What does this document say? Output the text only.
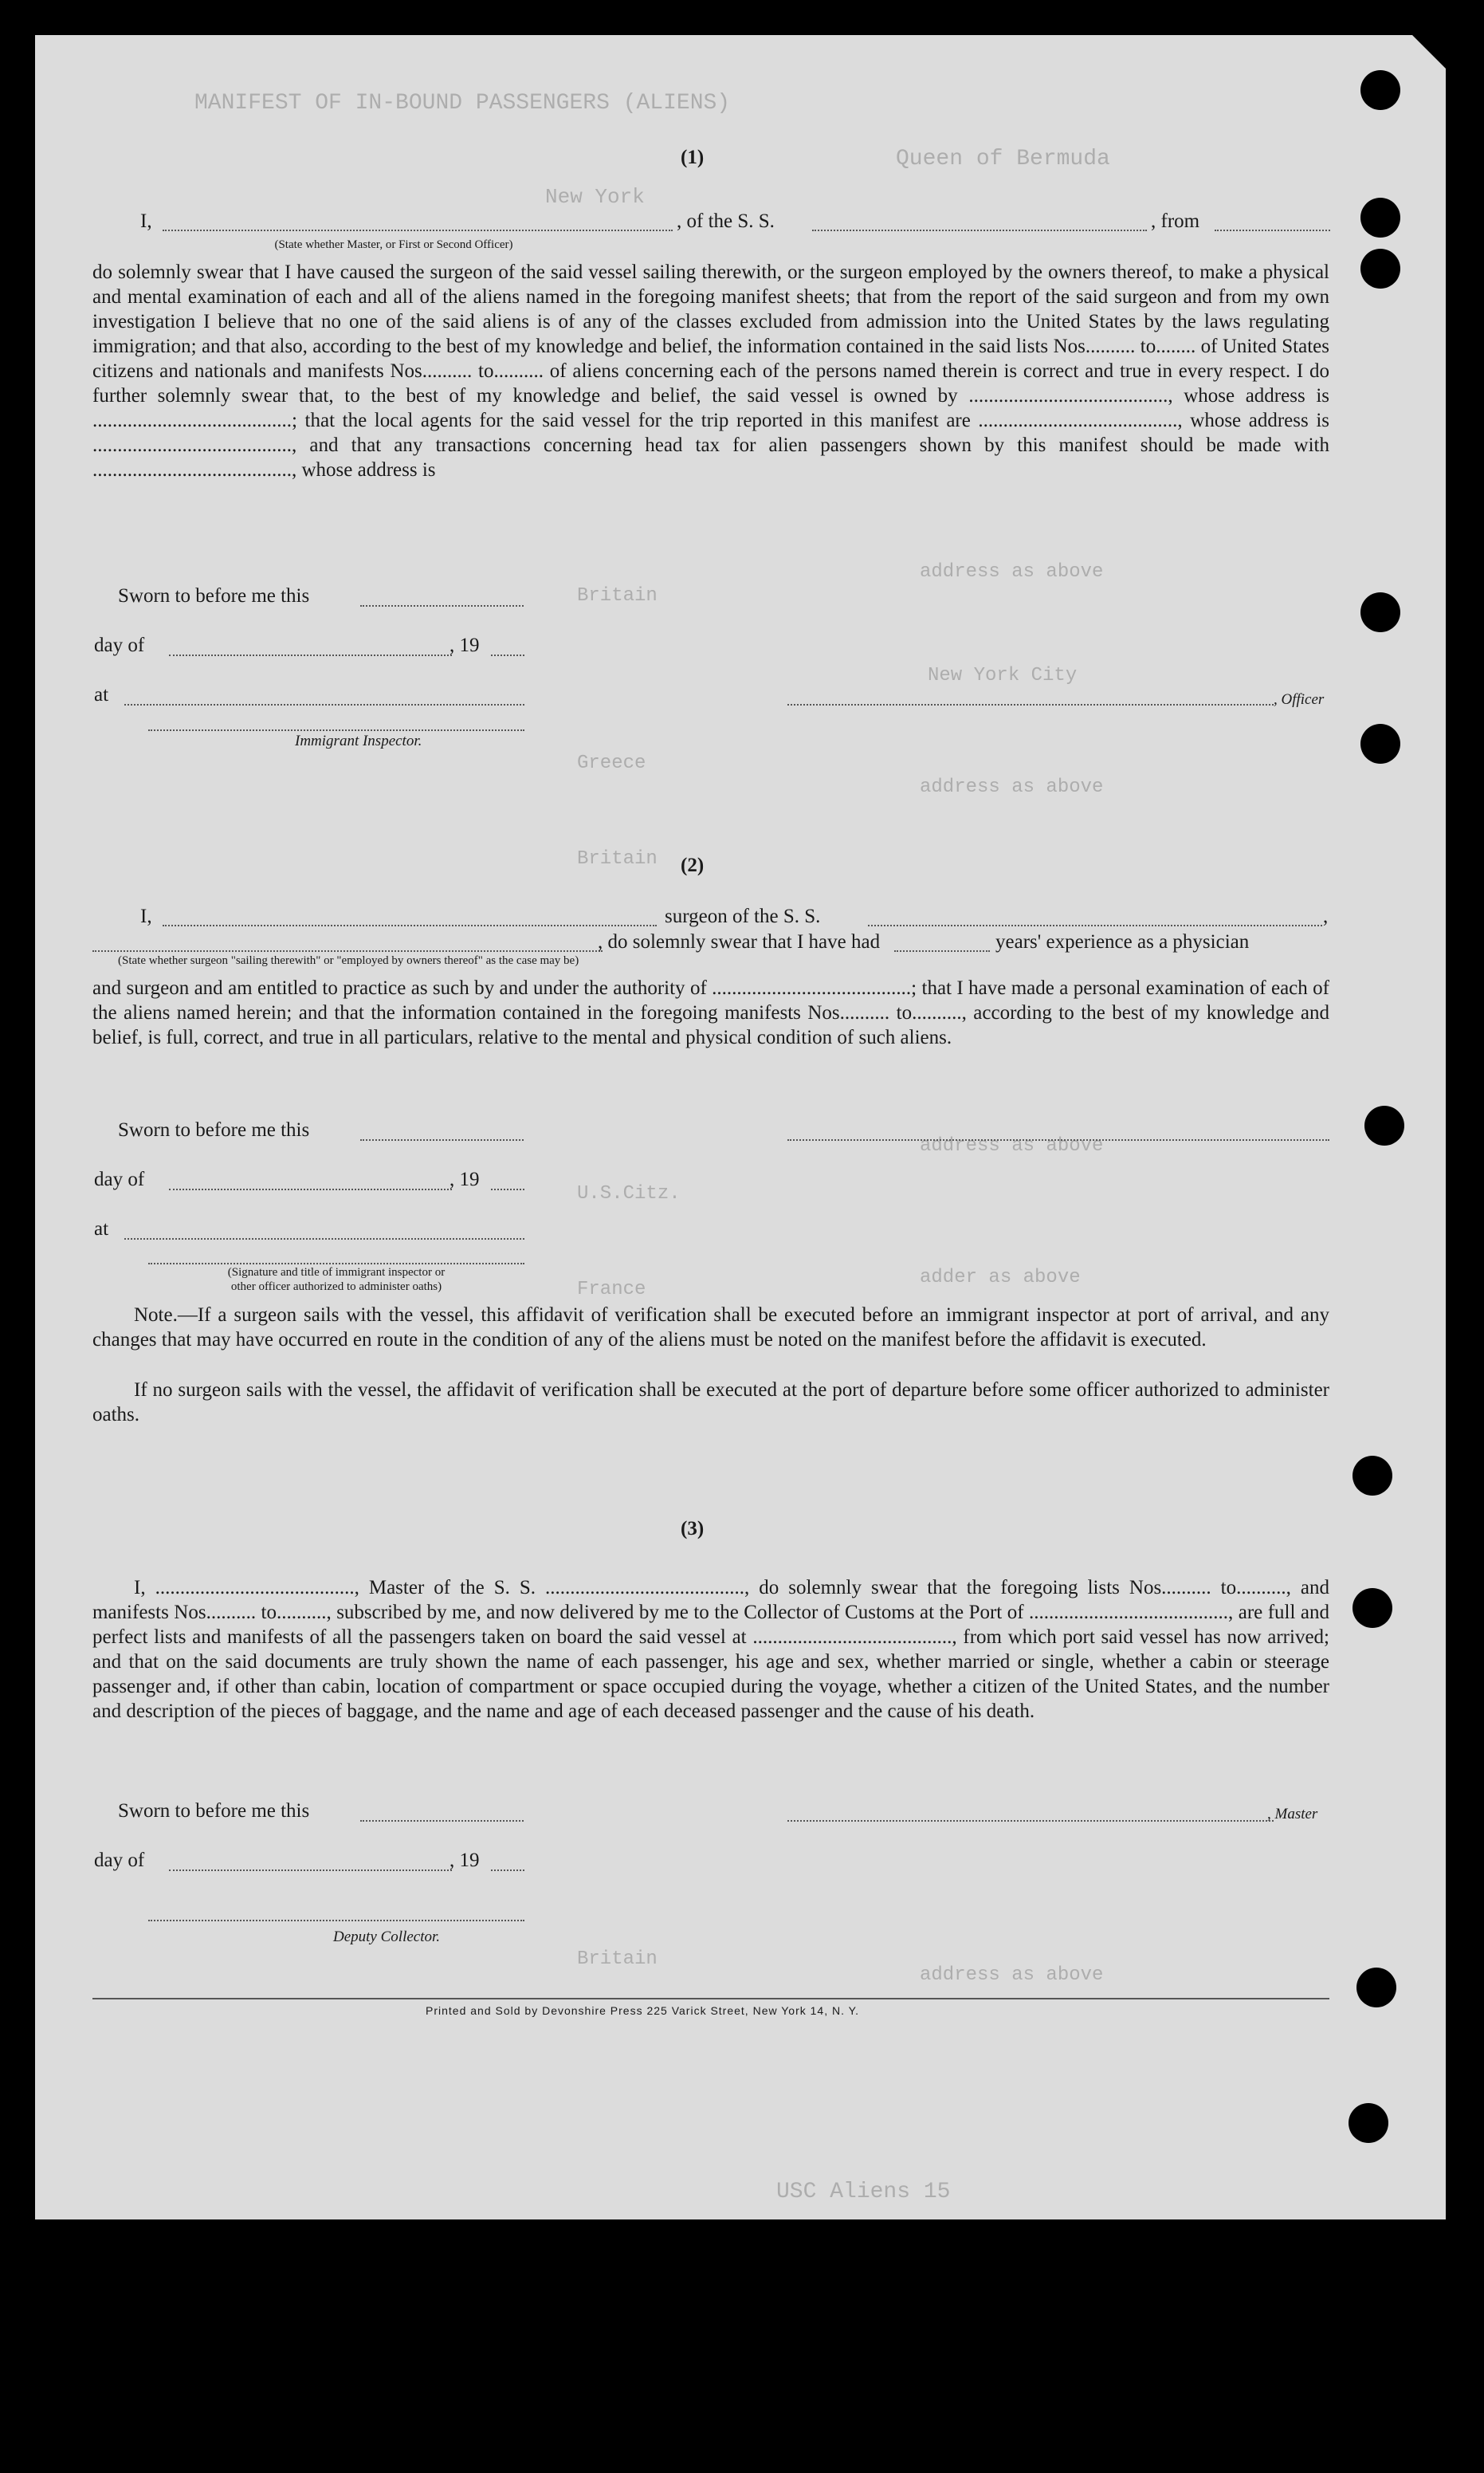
MANIFEST OF IN-BOUND PASSENGERS (ALIENS)
Queen of Bermuda
New York
Britain
Greece
Britain
U.S.Citz.
France
Britain
address as above
New York City
address as above
address as above
adder as above
address as above
USC Aliens 15
(1)
I,	, of the S. S.	, from
(State whether Master, or First or Second Officer)
do solemnly swear that I have caused the surgeon of the said vessel sailing therewith, or the surgeon employed by the owners thereof, to make a physical and mental examination of each and all of the aliens named in the foregoing manifest sheets; that from the report of the said surgeon and from my own investigation I believe that no one of the said aliens is of any of the classes excluded from admission into the United States by the laws regulating immigration; and that also, according to the best of my knowledge and belief, the information contained in the said lists Nos.......... to........ of United States citizens and nationals and manifests Nos.......... to.......... of aliens concerning each of the persons named therein is correct and true in every respect. I do further solemnly swear that, to the best of my knowledge and belief, the said vessel is owned by ........................................, whose address is ........................................; that the local agents for the said vessel for the trip reported in this manifest are ........................................, whose address is ........................................, and that any transactions concerning head tax for alien passengers shown by this manifest should be made with ........................................, whose address is
Sworn to before me this
day of	, 19
at	, Officer
Immigrant Inspector.
(2)
I,	surgeon of the S. S.	,
, do solemnly swear that I have had	years' experience as a physician
(State whether surgeon "sailing therewith" or "employed by owners thereof" as the case may be)
and surgeon and am entitled to practice as such by and under the authority of ........................................; that I have made a personal examination of each of the aliens named herein; and that the information contained in the foregoing manifests Nos.......... to.........., according to the best of my knowledge and belief, is full, correct, and true in all particulars, relative to the mental and physical condition of such aliens.
Sworn to before me this
day of	, 19
at
(Signature and title of immigrant inspector or
other officer authorized to administer oaths)
Note.—If a surgeon sails with the vessel, this affidavit of verification shall be executed before an immigrant inspector at port of arrival, and any changes that may have occurred en route in the condition of any of the aliens must be noted on the manifest before the affidavit is executed.
If no surgeon sails with the vessel, the affidavit of verification shall be executed at the port of departure before some officer authorized to administer oaths.
(3)
I, ........................................, Master of the S. S. ........................................, do solemnly swear that the foregoing lists Nos.......... to.........., and manifests Nos.......... to.........., subscribed by me, and now delivered by me to the Collector of Customs at the Port of ........................................, are full and perfect lists and manifests of all the passengers taken on board the said vessel at ........................................, from which port said vessel has now arrived; and that on the said documents are truly shown the name of each passenger, his age and sex, whether married or single, whether a cabin or steerage passenger and, if other than cabin, location of compartment or space occupied during the voyage, whether a citizen of the United States, and the number and description of the pieces of baggage, and the name and age of each deceased passenger and the cause of his death.
Sworn to before me this	, Master
day of	, 19
Deputy Collector.
Printed and Sold by Devonshire Press 225 Varick Street, New York 14, N. Y.
